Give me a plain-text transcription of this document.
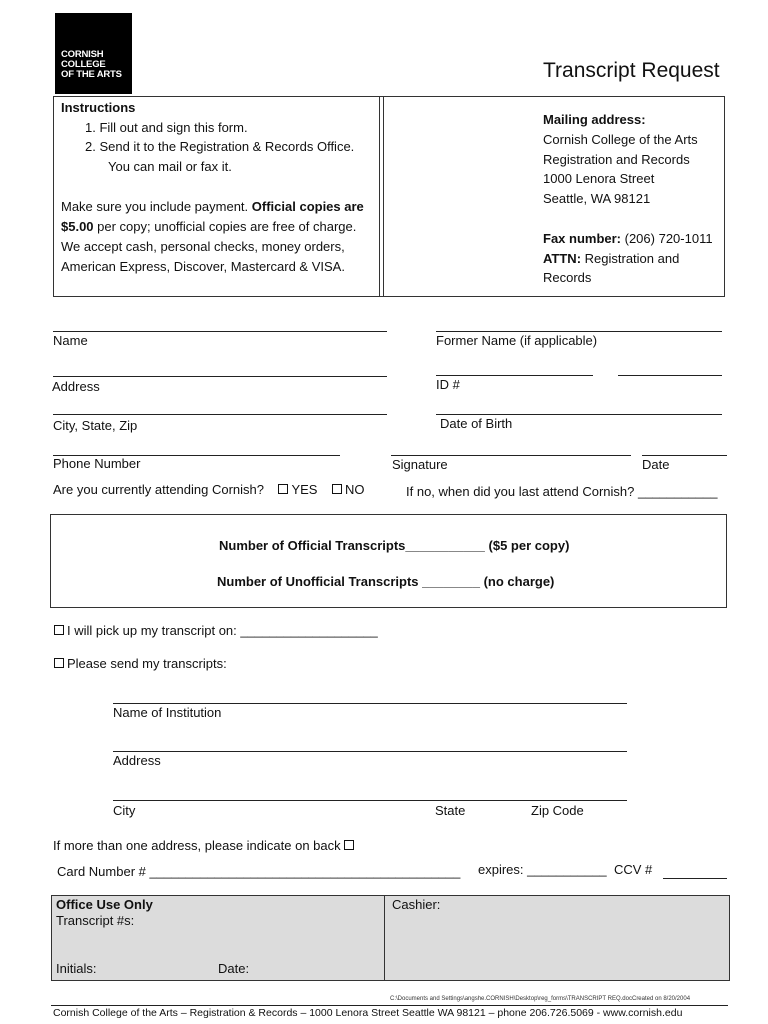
CORNISH
COLLEGE
OF THE ARTS	Transcript Request
Instructions
1. Fill out and sign this form.
2. Send it to the Registration & Records Office.
You can mail or fax it.
Make sure you include payment. Official copies are
$5.00 per copy; unofficial copies are free of charge.
We accept cash, personal checks, money orders,
American Express, Discover, Mastercard & VISA.
Mailing address:
Cornish College of the Arts
Registration and Records
1000 Lenora Street
Seattle, WA 98121
Fax number: (206) 720-1011
ATTN: Registration and
Records
Name	Former Name (if applicable)
Address	ID #
City, State, Zip	Date of Birth
Phone Number	Signature	Date
Are you currently attending Cornish? YES NO	If no, when did you last attend Cornish? ___________
Number of Official Transcripts___________ ($5 per copy)
Number of Unofficial Transcripts ________ (no charge)
I will pick up my transcript on: ___________________
Please send my transcripts:
Name of Institution
Address
City	State	Zip Code
If more than one address, please indicate on back
Card Number # ___________________________________________ expires: ___________ CCV #
Office Use Only
Transcript #s:
Initials:	Date:
Cashier:
C:\Documents and Settings\angshe.CORNISH\Desktop\reg_forms\TRANSCRIPT REQ.docCreated on 8/20/2004
Cornish College of the Arts – Registration & Records – 1000 Lenora Street Seattle WA 98121 – phone 206.726.5069 - www.cornish.edu
